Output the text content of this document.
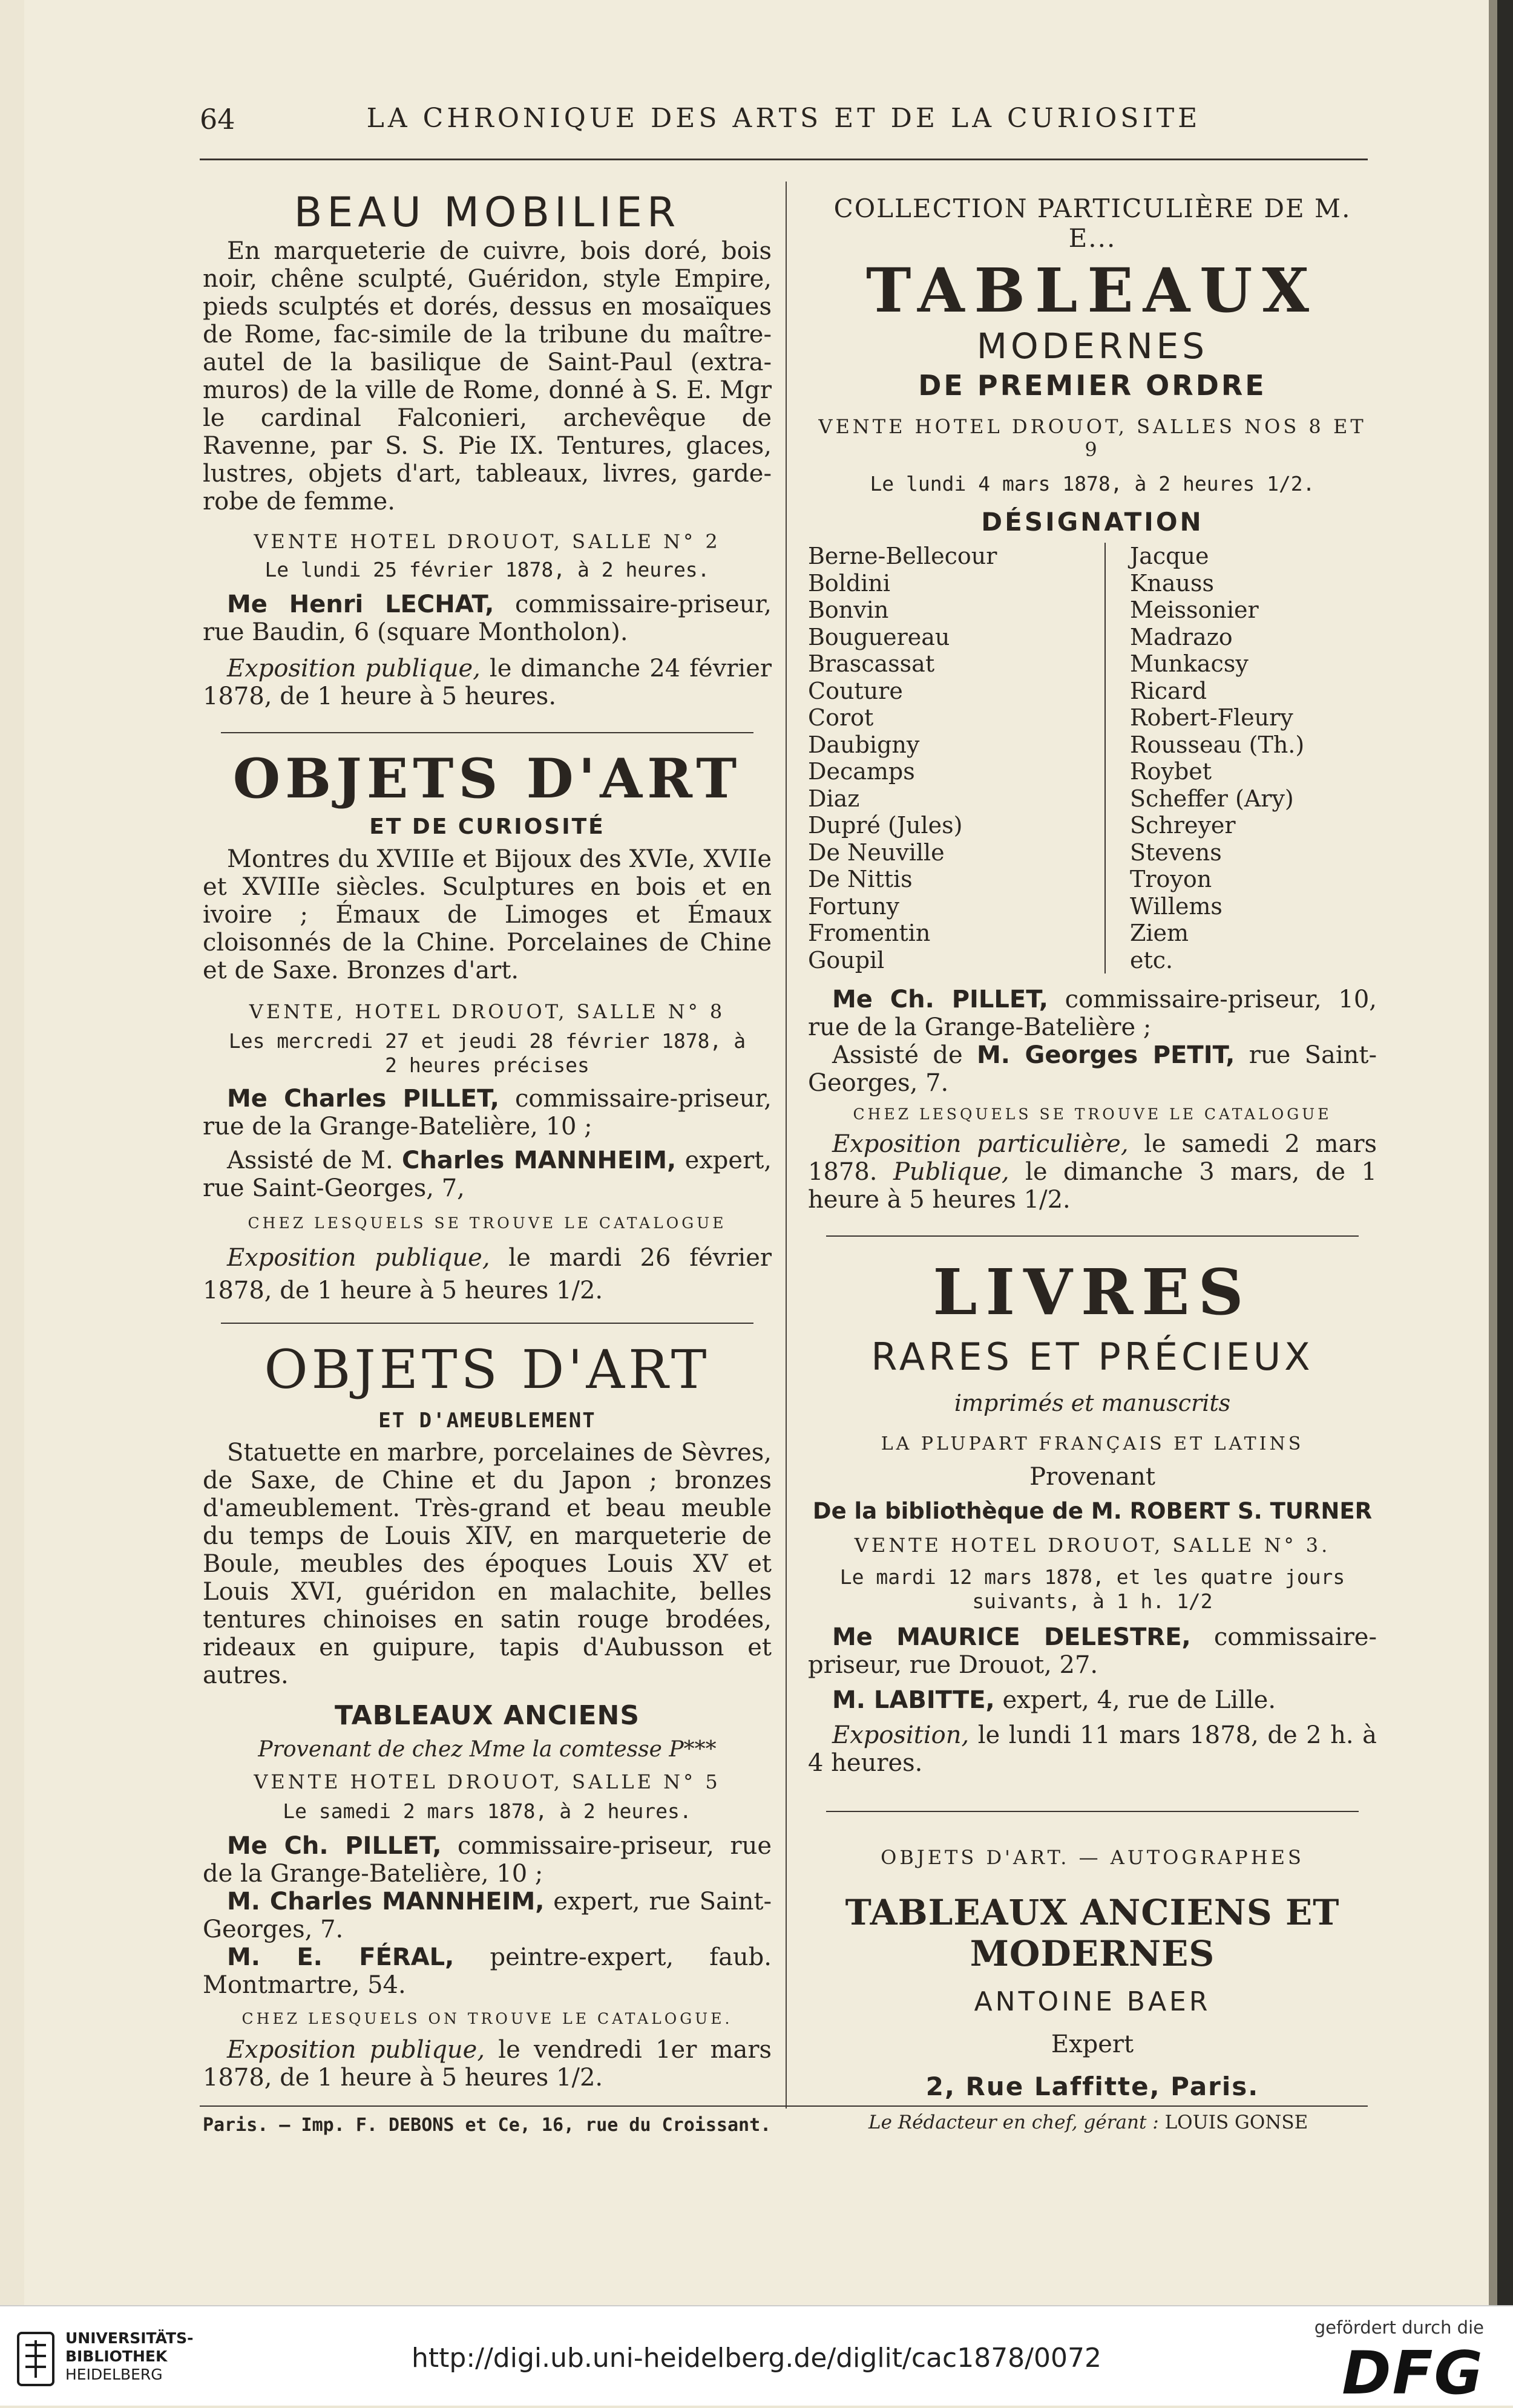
64	LA CHRONIQUE DES ARTS ET DE LA CURIOSITE
BEAU MOBILIER

En marqueterie de cuivre, bois doré, bois noir, chêne sculpté, Guéridon, style Empire, pieds sculptés et dorés, dessus en mosaïques de Rome, fac-simile de la tribune du maître-autel de la basilique de Saint-Paul (extra-muros) de la ville de Rome, donné à S. E. Mgr le cardinal Falconieri, archevêque de Ravenne, par S. S. Pie IX. Tentures, glaces, lustres, objets d'art, tableaux, livres, garde-robe de femme.

VENTE HOTEL DROUOT, SALLE N° 2
Le lundi 25 février 1878, à 2 heures.

Me Henri LECHAT, commissaire-priseur, rue Baudin, 6 (square Montholon).

Exposition publique, le dimanche 24 février 1878, de 1 heure à 5 heures.

OBJETS D'ART
ET DE CURIOSITÉ

Montres du XVIIIe et Bijoux des XVIe, XVIIe et XVIIIe siècles. Sculptures en bois et en ivoire ; Émaux de Limoges et Émaux cloisonnés de la Chine. Porcelaines de Chine et de Saxe. Bronzes d'art.

VENTE, HOTEL DROUOT, SALLE N° 8
Les mercredi 27 et jeudi 28 février 1878, à 2 heures précises

Me Charles PILLET, commissaire-priseur, rue de la Grange-Batelière, 10 ;

Assisté de M. Charles MANNHEIM, expert, rue Saint-Georges, 7,

CHEZ LESQUELS SE TROUVE LE CATALOGUE

Exposition publique, le mardi 26 février 1878, de 1 heure à 5 heures 1/2.

OBJETS D'ART
ET D'AMEUBLEMENT

Statuette en marbre, porcelaines de Sèvres, de Saxe, de Chine et du Japon ; bronzes d'ameublement. Très-grand et beau meuble du temps de Louis XIV, en marqueterie de Boule, meubles des époques Louis XV et Louis XVI, guéridon en malachite, belles tentures chinoises en satin rouge brodées, rideaux en guipure, tapis d'Aubusson et autres.

TABLEAUX ANCIENS
Provenant de chez Mme la comtesse P***
VENTE HOTEL DROUOT, SALLE N° 5
Le samedi 2 mars 1878, à 2 heures.

Me Ch. PILLET, commissaire-priseur, rue de la Grange-Batelière, 10 ;

M. Charles MANNHEIM, expert, rue Saint-Georges, 7.

M. E. FÉRAL, peintre-expert, faub. Montmartre, 54.

CHEZ LESQUELS ON TROUVE LE CATALOGUE.

Exposition publique, le vendredi 1er mars 1878, de 1 heure à 5 heures 1/2.

COLLECTION PARTICULIÈRE DE M. E...
TABLEAUX
MODERNES
DE PREMIER ORDRE
VENTE HOTEL DROUOT, SALLES NOS 8 ET 9
Le lundi 4 mars 1878, à 2 heures 1/2.
DÉSIGNATION
Berne-Bellecour
Boldini
Bonvin
Bouguereau
Brascassat
Couture
Corot
Daubigny
Decamps
Diaz
Dupré (Jules)
De Neuville
De Nittis
Fortuny
Fromentin
Goupil
Jacque
Knauss
Meissonier
Madrazo
Munkacsy
Ricard
Robert-Fleury
Rousseau (Th.)
Roybet
Scheffer (Ary)
Schreyer
Stevens
Troyon
Willems
Ziem
etc.

Me Ch. PILLET, commissaire-priseur, 10, rue de la Grange-Batelière ;

Assisté de M. Georges PETIT, rue Saint-Georges, 7.

CHEZ LESQUELS SE TROUVE LE CATALOGUE

Exposition particulière, le samedi 2 mars 1878. Publique, le dimanche 3 mars, de 1 heure à 5 heures 1/2.

LIVRES
RARES ET PRÉCIEUX
imprimés et manuscrits
LA PLUPART FRANÇAIS ET LATINS
Provenant
De la bibliothèque de M. ROBERT S. TURNER
VENTE HOTEL DROUOT, SALLE N° 3.
Le mardi 12 mars 1878, et les quatre jours suivants, à 1 h. 1/2

Me MAURICE DELESTRE, commissaire-priseur, rue Drouot, 27.

M. LABITTE, expert, 4, rue de Lille.

Exposition, le lundi 11 mars 1878, de 2 h. à 4 heures.

OBJETS D'ART. — AUTOGRAPHES
TABLEAUX ANCIENS ET MODERNES
ANTOINE BAER
Expert
2, Rue Laffitte, Paris.
Paris. — Imp. F. DEBONS et Ce, 16, rue du Croissant.	Le Rédacteur en chef, gérant : LOUIS GONSE
UNIVERSITÄTS-
BIBLIOTHEK
HEIDELBERG
http://digi.ub.uni-heidelberg.de/diglit/cac1878/0072
gefördert durch die
DFG
